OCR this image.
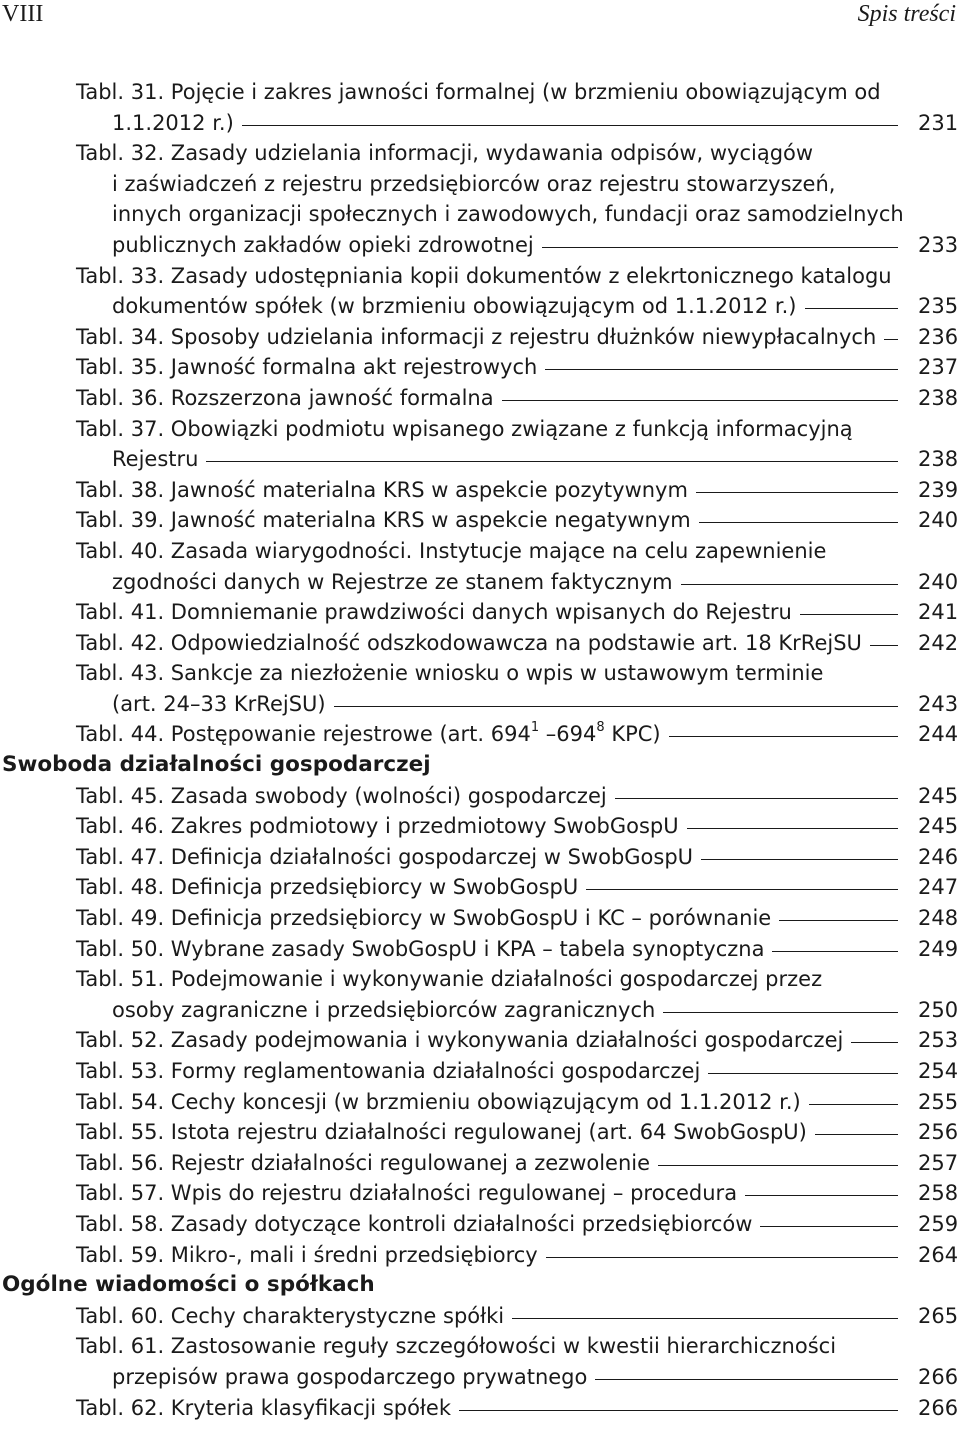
VIII	Spis treści
Tabl. 31. Pojęcie i zakres jawności formalnej (w brzmieniu obowiązującym od
1.1.2012 r.)	231
Tabl. 32. Zasady udzielania informacji, wydawania odpisów, wyciągów
i zaświadczeń z rejestru przedsiębiorców oraz rejestru stowarzyszeń,
innych organizacji społecznych i zawodowych, fundacji oraz samodzielnych
publicznych zakładów opieki zdrowotnej	233
Tabl. 33. Zasady udostępniania kopii dokumentów z elekrtonicznego katalogu
dokumentów spółek (w brzmieniu obowiązującym od 1.1.2012 r.)	235
Tabl. 34. Sposoby udzielania informacji z rejestru dłużnków niewypłacalnych 236
Tabl. 35. Jawność formalna akt rejestrowych	237
Tabl. 36. Rozszerzona jawność formalna	238
Tabl. 37. Obowiązki podmiotu wpisanego związane z funkcją informacyjną
Rejestru	238
Tabl. 38. Jawność materialna KRS w aspekcie pozytywnym	239
Tabl. 39. Jawność materialna KRS w aspekcie negatywnym	240
Tabl. 40. Zasada wiarygodności. Instytucje mające na celu zapewnienie
zgodności danych w Rejestrze ze stanem faktycznym	240
Tabl. 41. Domniemanie prawdziwości danych wpisanych do Rejestru	241
Tabl. 42. Odpowiedzialność odszkodowawcza na podstawie art. 18 KrRejSU	242
Tabl. 43. Sankcje za niezłożenie wniosku o wpis w ustawowym terminie
(art. 24–33 KrRejSU)	243
Tabl. 44. Postępowanie rejestrowe (art. $694^1$ $-694^8$ KPC)	244
Swoboda działalności gospodarczej
Tabl. 45. Zasada swobody (wolności) gospodarczej	245
Tabl. 46. Zakres podmiotowy i przedmiotowy SwobGospU	245
Tabl. 47. Definicja działalności gospodarczej w SwobGospU	246
Tabl. 48. Definicja przedsiębiorcy w SwobGospU	247
Tabl. 49. Definicja przedsiębiorcy w SwobGospU i KC – porównanie	248
Tabl. 50. Wybrane zasady SwobGospU i KPA – tabela synoptyczna	249
Tabl. 51. Podejmowanie i wykonywanie działalności gospodarczej przez
osoby zagraniczne i przedsiębiorców zagranicznych	250
Tabl. 52. Zasady podejmowania i wykonywania działalności gospodarczej	253
Tabl. 53. Formy reglamentowania działalności gospodarczej	254
Tabl. 54. Cechy koncesji (w brzmieniu obowiązującym od 1.1.2012 r.)	255
Tabl. 55. Istota rejestru działalności regulowanej (art. 64 SwobGospU)	256
Tabl. 56. Rejestr działalności regulowanej a zezwolenie	257
Tabl. 57. Wpis do rejestru działalności regulowanej – procedura	258
Tabl. 58. Zasady dotyczące kontroli działalności przedsiębiorców	259
Tabl. 59. Mikro-, mali i średni przedsiębiorcy	264
Ogólne wiadomości o spółkach
Tabl. 60. Cechy charakterystyczne spółki	265
Tabl. 61. Zastosowanie reguły szczegółowości w kwestii hierarchiczności
przepisów prawa gospodarczego prywatnego	266
Tabl. 62. Kryteria klasyfikacji spółek	266
